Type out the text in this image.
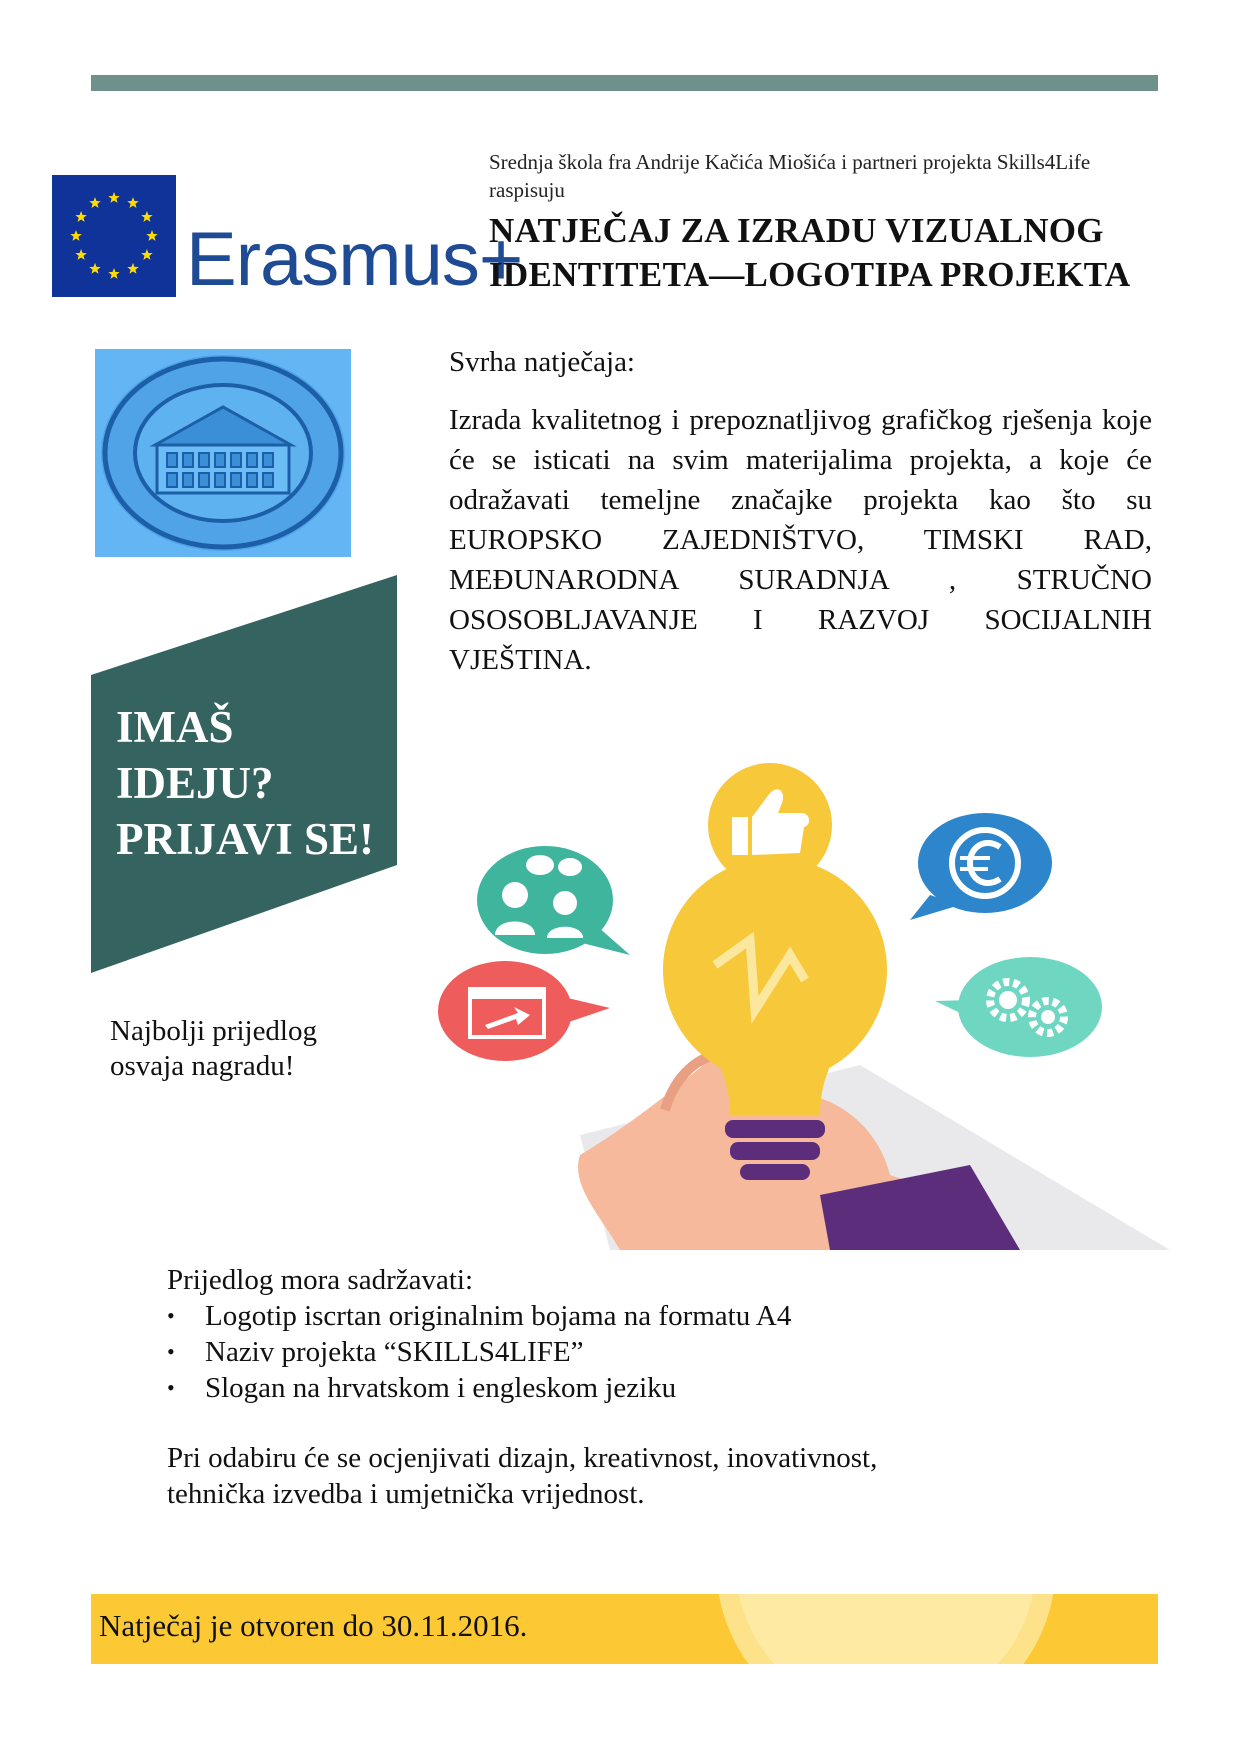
Erasmus+
Srednja škola fra Andrije Kačića Miošića i partneri projekta Skills4Life raspisuju
NATJEČAJ ZA IZRADU VIZUALNOG
IDENTITETA—LOGOTIPA PROJEKTA
Svrha natječaja:
Izrada kvalitetnog i prepoznatljivog grafičkog rješenja koje će se isticati na svim materijalima projekta, a koje će odražavati temeljne značajke projekta kao što su EUROPSKO ZAJEDNIŠTVO, TIMSKI RAD, MEĐUNARODNA SURADNJA , STRUČNO OSOSOBLJAVANJE I RAZVOJ SOCIJALNIH VJEŠTINA.
IMAŠ
IDEJU?
PRIJAVI SE!
Najbolji prijedlog
osvaja nagradu!
Prijedlog mora sadržavati:
• Logotip iscrtan originalnim bojama na formatu A4
• Naziv projekta “SKILLS4LIFE”
• Slogan na hrvatskom i engleskom jeziku
Pri odabiru će se ocjenjivati dizajn, kreativnost, inovativnost,
tehnička izvedba i umjetnička vrijednost.
Natječaj je otvoren do 30.11.2016.
